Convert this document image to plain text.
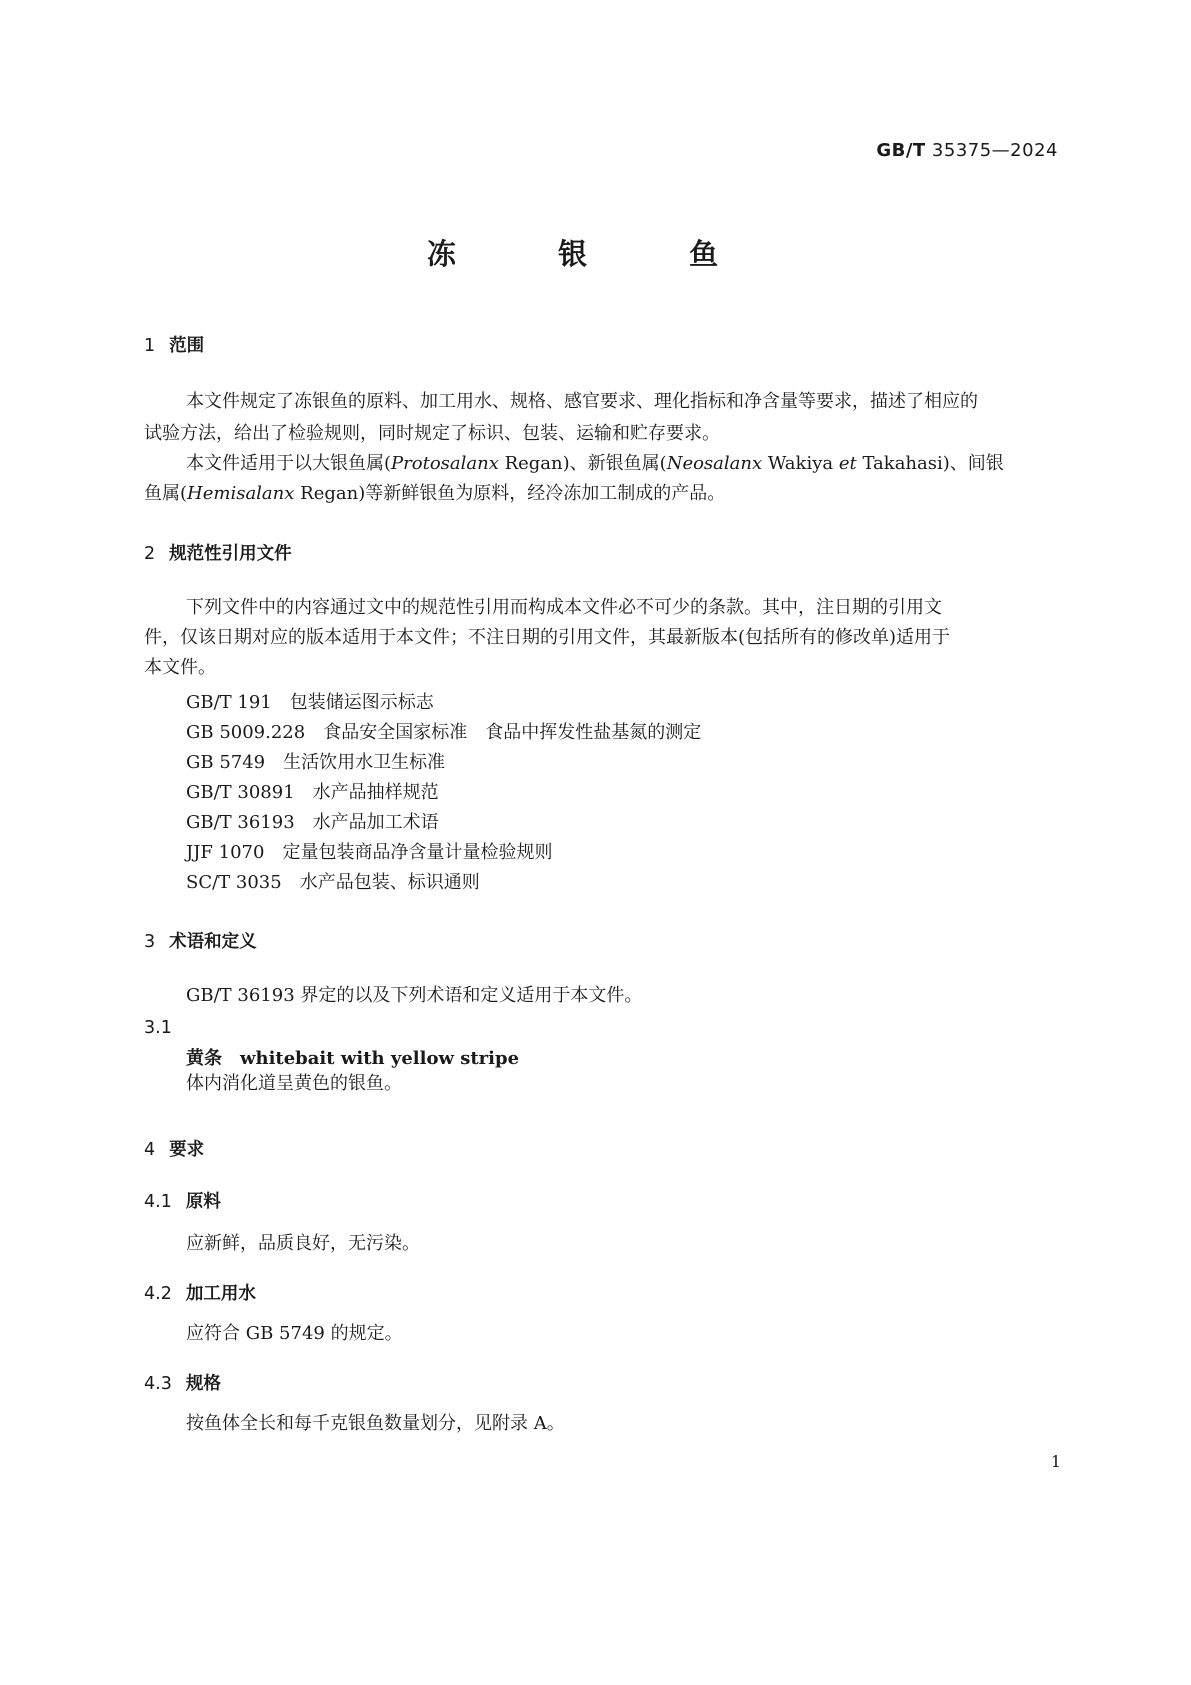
GB/T 35375—2024
冻 银 鱼
1 范围
本文件规定了冻银鱼的原料、加工用水、规格、感官要求、理化指标和净含量等要求，描述了相应的
试验方法，给出了检验规则，同时规定了标识、包装、运输和贮存要求。
本文件适用于以大银鱼属(Protosalanx Regan)、新银鱼属(Neosalanx Wakiya et Takahasi)、间银
鱼属(Hemisalanx Regan)等新鲜银鱼为原料，经冷冻加工制成的产品。
2 规范性引用文件
下列文件中的内容通过文中的规范性引用而构成本文件必不可少的条款。其中，注日期的引用文
件，仅该日期对应的版本适用于本文件；不注日期的引用文件，其最新版本(包括所有的修改单)适用于
本文件。
GB/T 191 包装储运图示标志
GB 5009.228 食品安全国家标准　食品中挥发性盐基氮的测定
GB 5749 生活饮用水卫生标准
GB/T 30891 水产品抽样规范
GB/T 36193 水产品加工术语
JJF 1070 定量包装商品净含量计量检验规则
SC/T 3035 水产品包装、标识通则
3 术语和定义
GB/T 36193 界定的以及下列术语和定义适用于本文件。
3.1
黄条 whitebait with yellow stripe
体内消化道呈黄色的银鱼。
4 要求
4.1 原料
应新鲜，品质良好，无污染。
4.2 加工用水
应符合 GB 5749 的规定。
4.3 规格
按鱼体全长和每千克银鱼数量划分，见附录 A。
1
